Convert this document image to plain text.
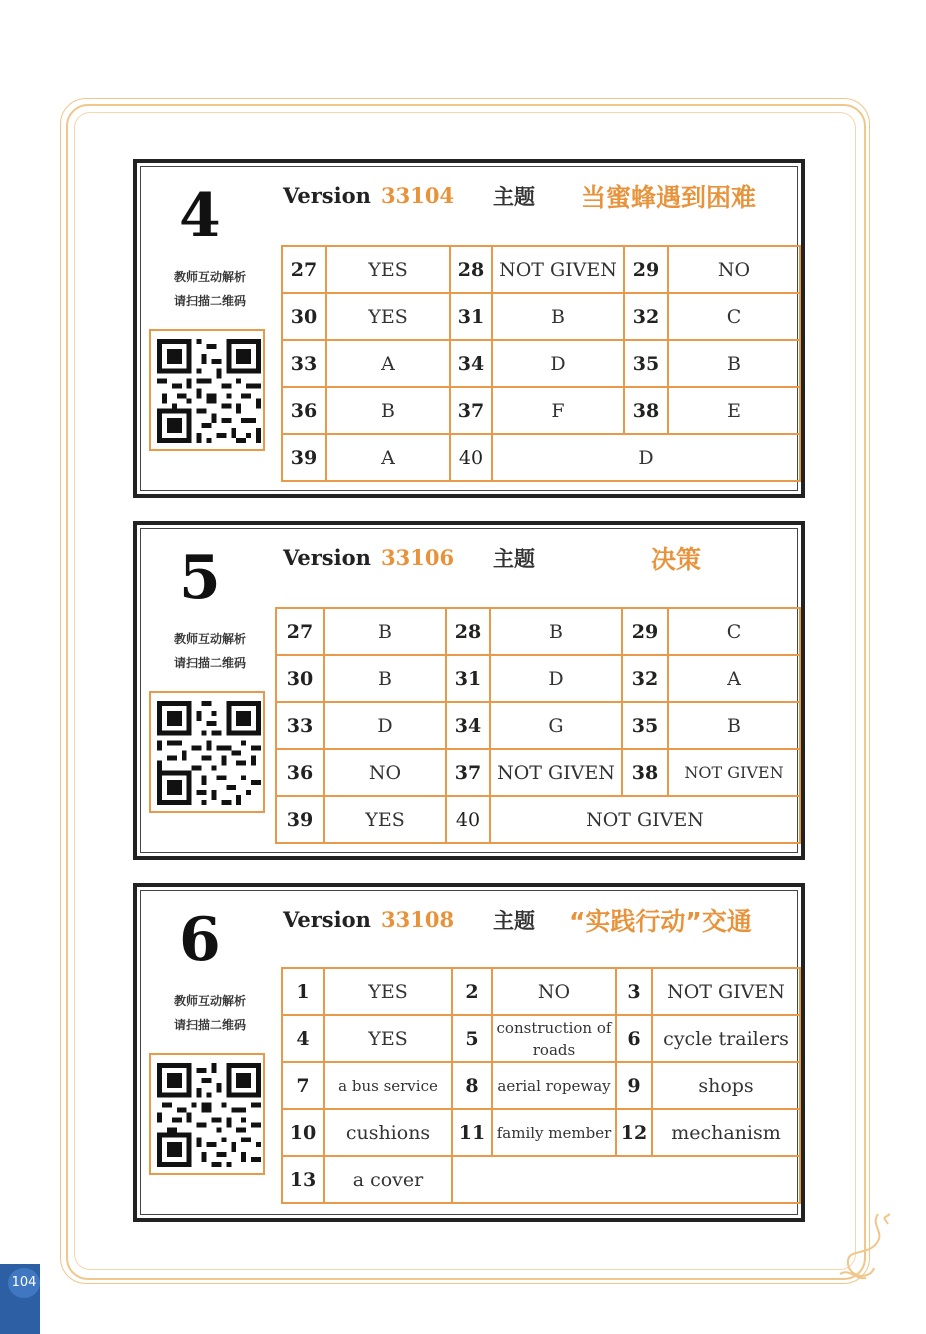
4
教师互动解析
请扫描二维码
Version 33104 主题 当蜜蜂遇到困难
27	YES	28	NOT GIVEN	29	NO
30	YES	31	B	32	C
33	A	34	D	35	B
36	B	37	F	38	E
39	A	40	D		
5
教师互动解析
请扫描二维码
Version 33106 主题	决策
27	B	28	B	29	C
30	B	31	D	32	A
33	D	34	G	35	B
36	NO	37	NOT GIVEN	38	NOT GIVEN
39	YES	40	NOT GIVEN		
6
教师互动解析
请扫描二维码
Version 33108 主题 “实践行动”交通
1	YES	2	NO	3	NOT GIVEN
4	YES	5	construction of roads	6	cycle trailers
7	a bus service	8	aerial ropeway	9	shops
10	cushions	11	family member	12	mechanism
13	a cover				
104
